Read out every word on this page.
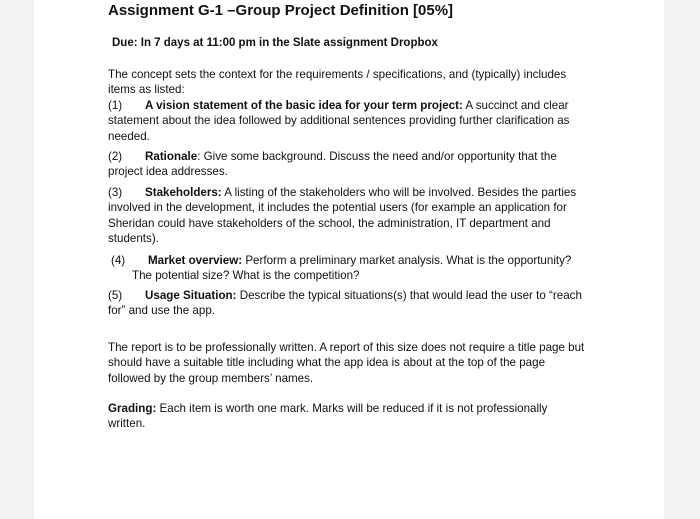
Assignment G-1 –Group Project Definition [05%]
Due: In 7 days at 11:00 pm in the Slate assignment Dropbox
The concept sets the context for the requirements / specifications, and (typically) includes items as listed:
(1) A vision statement of the basic idea for your term project: A succinct and clear statement about the idea followed by additional sentences providing further clarification as needed.
(2) Rationale: Give some background. Discuss the need and/or opportunity that the project idea addresses.
(3) Stakeholders: A listing of the stakeholders who will be involved. Besides the parties involved in the development, it includes the potential users (for example an application for Sheridan could have stakeholders of the school, the administration, IT department and students).
(4) Market overview: Perform a preliminary market analysis. What is the opportunity? The potential size? What is the competition?
(5) Usage Situation: Describe the typical situations(s) that would lead the user to “reach for” and use the app.
The report is to be professionally written. A report of this size does not require a title page but should have a suitable title including what the app idea is about at the top of the page followed by the group members’ names.
Grading: Each item is worth one mark. Marks will be reduced if it is not professionally written.
